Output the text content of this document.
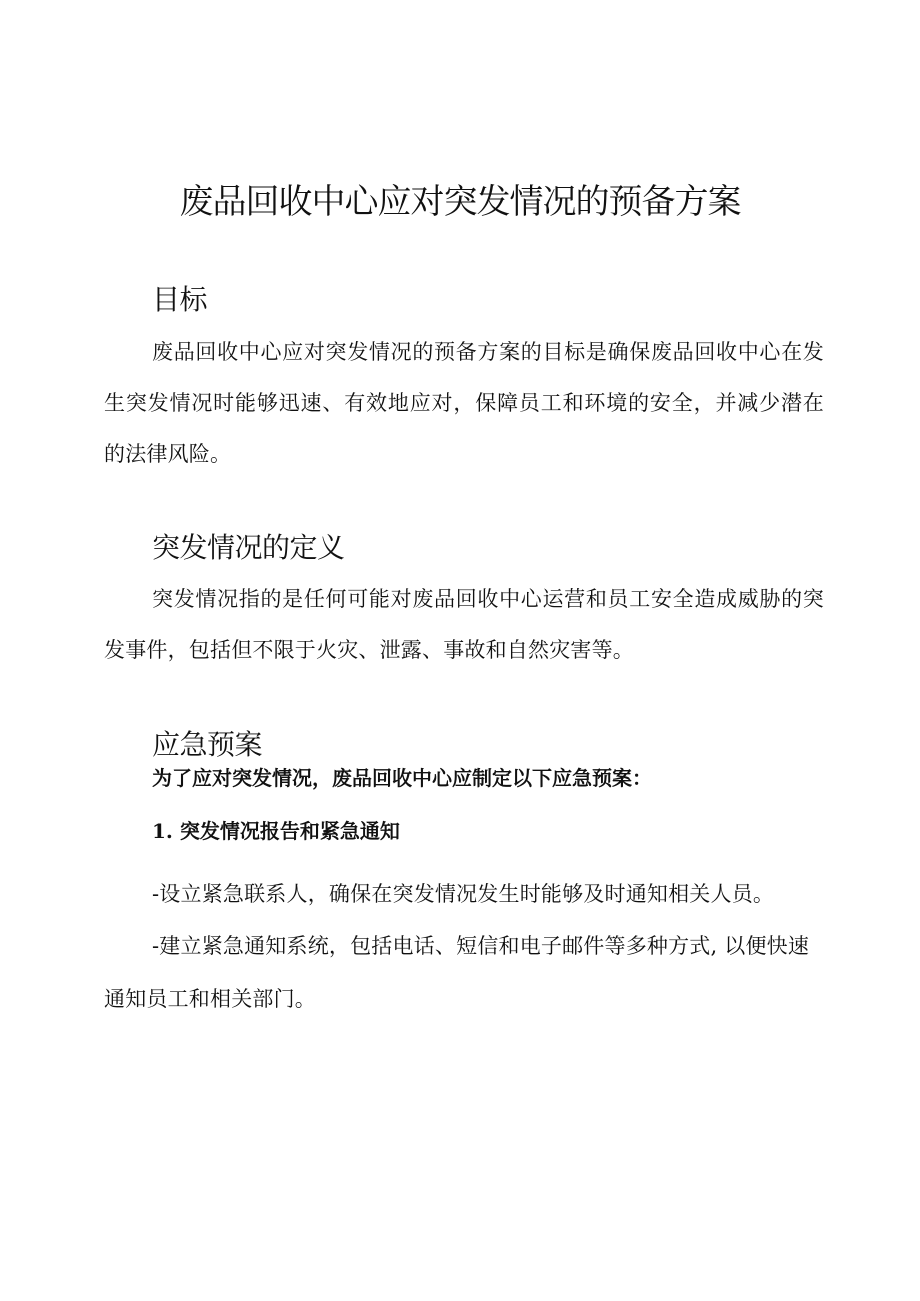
废品回收中心应对突发情况的预备方案
目标

废品回收中心应对突发情况的预备方案的目标是确保废品回收中心在发生突发情况时能够迅速、有效地应对，保障员工和环境的安全，并减少潜在的法律风险。

突发情况的定义

突发情况指的是任何可能对废品回收中心运营和员工安全造成威胁的突发事件，包括但不限于火灾、泄露、事故和自然灾害等。

应急预案

为了应对突发情况，废品回收中心应制定以下应急预案：

1. 突发情况报告和紧急通知

-设立紧急联系人，确保在突发情况发生时能够及时通知相关人员。

-建立紧急通知系统，包括电话、短信和电子邮件等多种方式, 以便快速通知员工和相关部门。
